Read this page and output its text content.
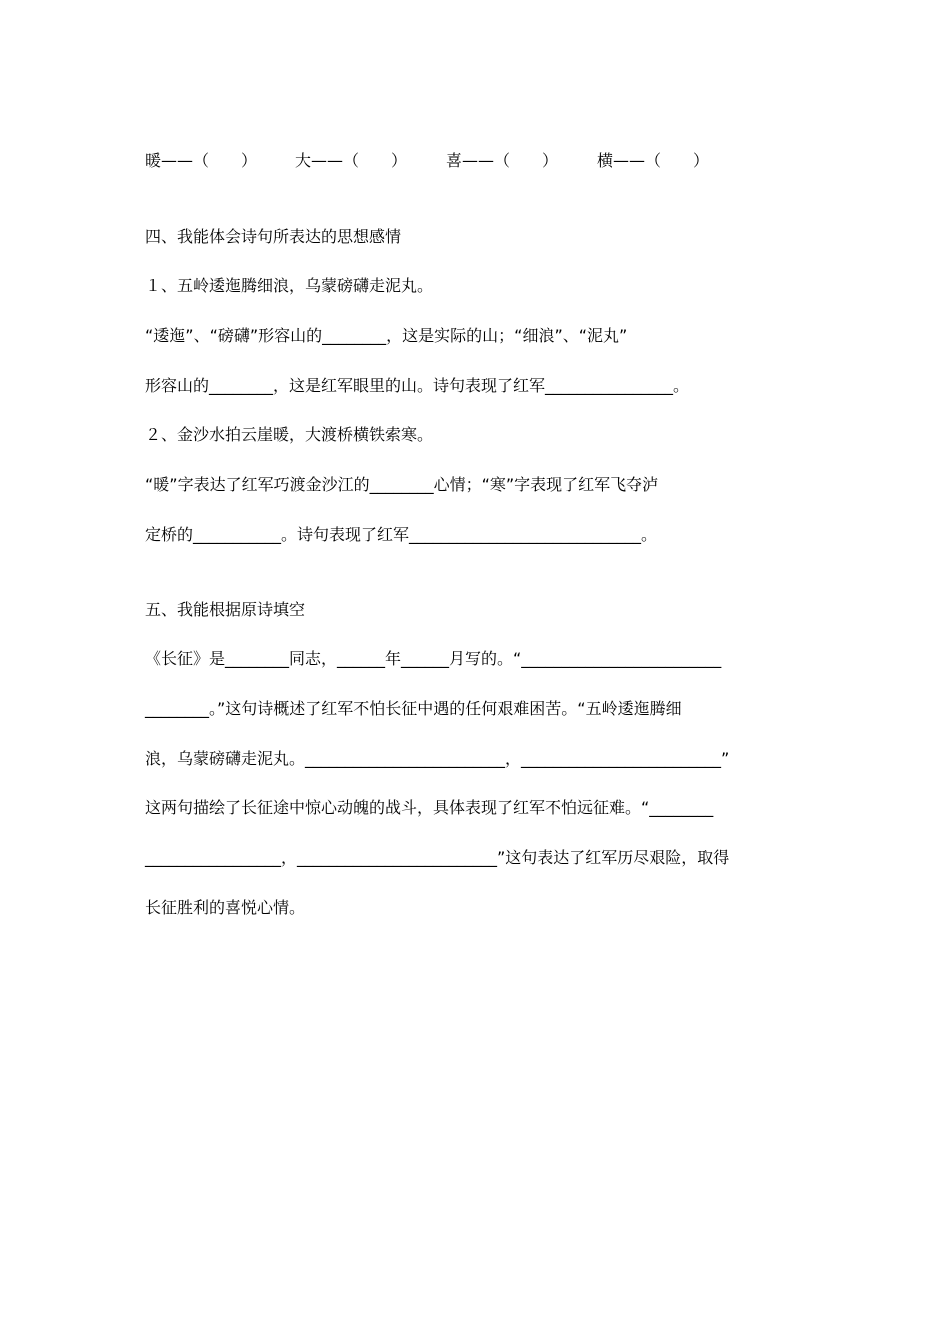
暖——（　　） 大——（　　） 喜——（　　） 横——（　　）
四、我能体会诗句所表达的思想感情
１、五岭逶迤腾细浪，乌蒙磅礴走泥丸。
“逶迤”、“磅礴”形容山的________，这是实际的山；“细浪”、“泥丸”
形容山的________，这是红军眼里的山。诗句表现了红军________________。
２、金沙水拍云崖暖，大渡桥横铁索寒。
“暖”字表达了红军巧渡金沙江的________心情；“寒”字表现了红军飞夺泸
定桥的___________。诗句表现了红军_____________________________。
五、我能根据原诗填空
《长征》是________同志，______年______月写的。“_________________________
________。”这句诗概述了红军不怕长征中遇的任何艰难困苦。“五岭逶迤腾细
浪，乌蒙磅礴走泥丸。_________________________，_________________________”
这两句描绘了长征途中惊心动魄的战斗，具体表现了红军不怕远征难。“________
_________________，_________________________”这句表达了红军历尽艰险，取得
长征胜利的喜悦心情。
